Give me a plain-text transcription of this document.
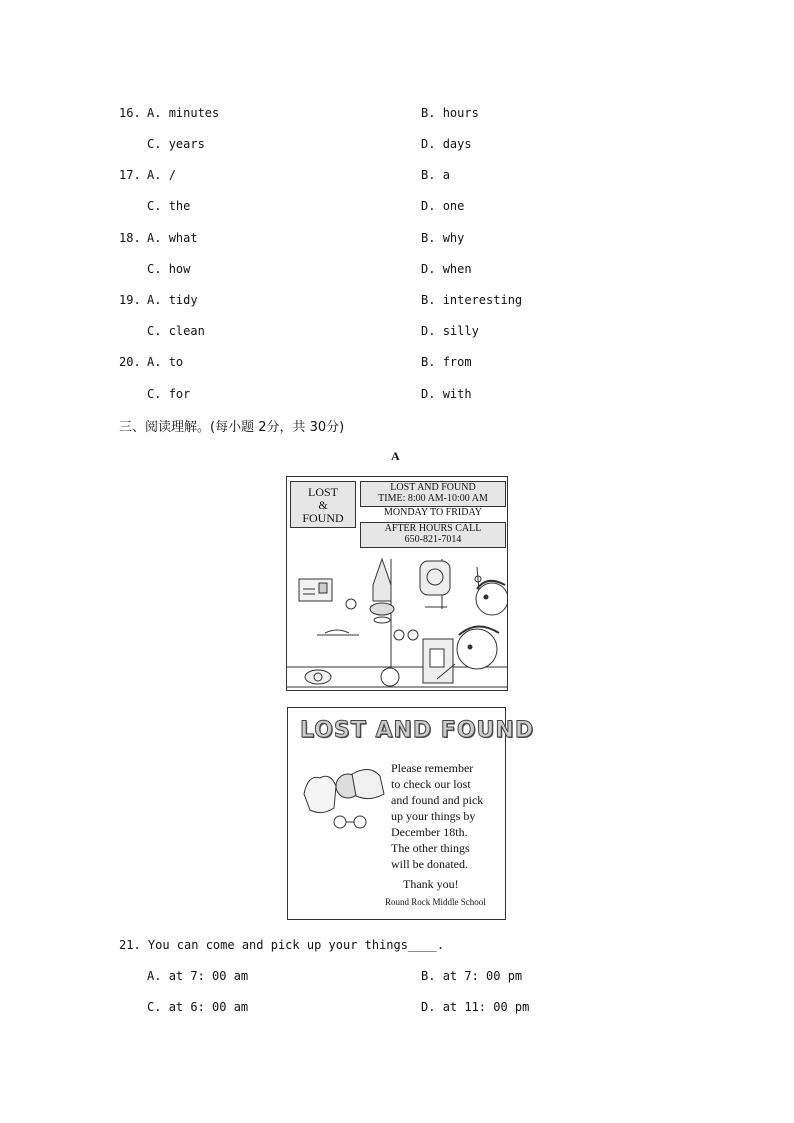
16. A. minutes	B. hours
C. years	D. days
17. A. /	B. a
C. the	D. one
18. A. what	B. why
C. how	D. when
19. A. tidy	B. interesting
C. clean	D. silly
20. A. to	B. from
C. for	D. with
三、阅读理解。(每小题 2分，共 30分)
A
LOST
&
FOUND
LOST AND FOUND
TIME: 8:00 AM-10:00 AM
MONDAY TO FRIDAY
AFTER HOURS CALL
650-821-7014
LOST AND FOUND
Please remember
to check our lost
and found and pick
up your things by
December 18th.
The other things
will be donated.
Thank you!
Round Rock Middle School
21. You can come and pick up your things____.
A. at 7: 00 am	B. at 7: 00 pm
C. at 6: 00 am	D. at 11: 00 pm
